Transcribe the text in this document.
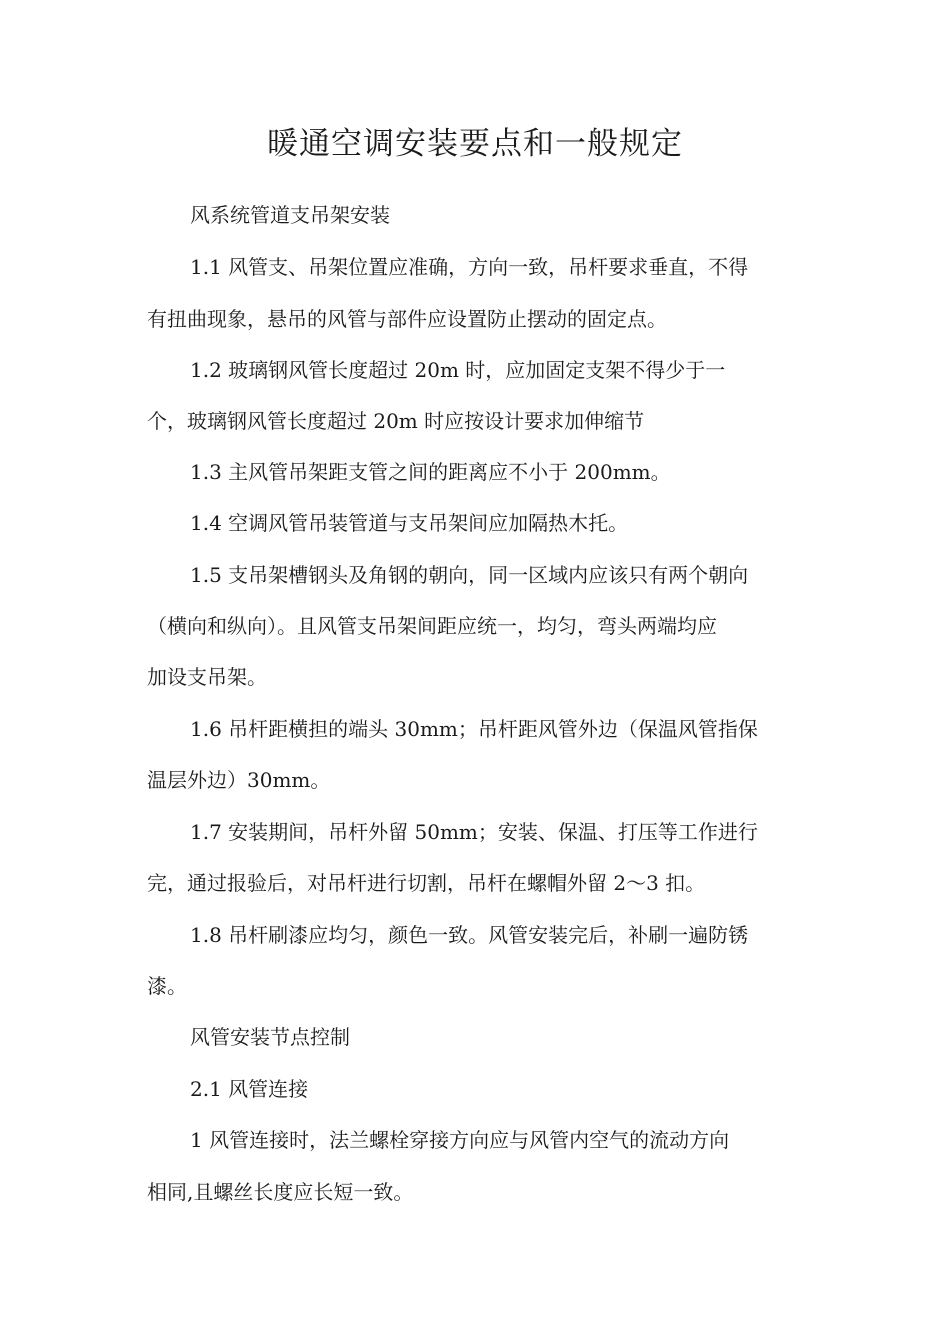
暖通空调安装要点和一般规定

风系统管道支吊架安装

1.1 风管支、吊架位置应准确，方向一致，吊杆要求垂直，不得

有扭曲现象，悬吊的风管与部件应设置防止摆动的固定点。

1.2 玻璃钢风管长度超过 20m 时，应加固定支架不得少于一

个，玻璃钢风管长度超过 20m 时应按设计要求加伸缩节

1.3 主风管吊架距支管之间的距离应不小于 200mm。

1.4 空调风管吊装管道与支吊架间应加隔热木托。

1.5 支吊架槽钢头及角钢的朝向，同一区域内应该只有两个朝向

（横向和纵向）。且风管支吊架间距应统一，均匀，弯头两端均应

加设支吊架。

1.6 吊杆距横担的端头 30mm；吊杆距风管外边（保温风管指保

温层外边）30mm。

1.7 安装期间，吊杆外留 50mm；安装、保温、打压等工作进行

完，通过报验后，对吊杆进行切割，吊杆在螺帽外留 2～3 扣。

1.8 吊杆刷漆应均匀，颜色一致。风管安装完后，补刷一遍防锈

漆。

风管安装节点控制

2.1 风管连接

1 风管连接时，法兰螺栓穿接方向应与风管内空气的流动方向

相同,且螺丝长度应长短一致。
